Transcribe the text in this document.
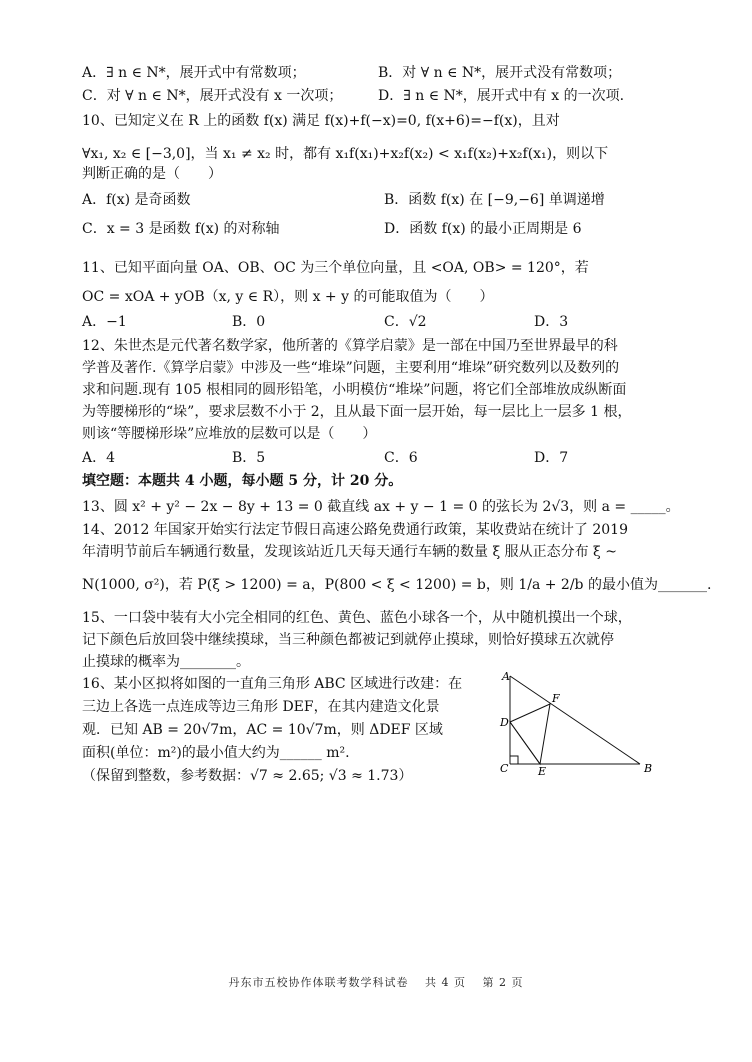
A．∃ n ∈ N*，展开式中有常数项；	B．对 ∀ n ∈ N*，展开式没有常数项；
C．对 ∀ n ∈ N*，展开式没有 x 一次项；	D．∃ n ∈ N*，展开式中有 x 的一次项.
10、已知定义在 R 上的函数 f(x) 满足 f(x)+f(−x)=0, f(x+6)=−f(x)，且对
∀x₁, x₂ ∈ [−3,0]，当 x₁ ≠ x₂ 时，都有 x₁f(x₁)+x₂f(x₂) < x₁f(x₂)+x₂f(x₁)，则以下
判断正确的是（　　）
A．f(x) 是奇函数	B．函数 f(x) 在 [−9,−6] 单调递增
C．x = 3 是函数 f(x) 的对称轴	D．函数 f(x) 的最小正周期是 6
11、已知平面向量 OA、OB、OC 为三个单位向量，且 <OA, OB> = 120°，若
OC = xOA + yOB（x, y ∈ R），则 x + y 的可能取值为（　　）
A．−1	B．0	C．√2	D．3
12、朱世杰是元代著名数学家，他所著的《算学启蒙》是一部在中国乃至世界最早的科
学普及著作.《算学启蒙》中涉及一些“堆垛”问题，主要利用“堆垛”研究数列以及数列的
求和问题.现有 105 根相同的圆形铅笔，小明模仿“堆垛”问题，将它们全部堆放成纵断面
为等腰梯形的“垛”，要求层数不小于 2，且从最下面一层开始，每一层比上一层多 1 根，
则该“等腰梯形垛”应堆放的层数可以是（　　）
A．4	B．5	C．6	D．7
填空题：本题共 4 小题，每小题 5 分，计 20 分。
13、圆 x² + y² − 2x − 8y + 13 = 0 截直线 ax + y − 1 = 0 的弦长为 2√3，则 a = _____。
14、2012 年国家开始实行法定节假日高速公路免费通行政策，某收费站在统计了 2019
年清明节前后车辆通行数量，发现该站近几天每天通行车辆的数量 ξ 服从正态分布 ξ ~
N(1000, σ²)，若 P(ξ > 1200) = a，P(800 < ξ < 1200) = b，则 1/a + 2/b 的最小值为_______.
15、一口袋中装有大小完全相同的红色、黄色、蓝色小球各一个，从中随机摸出一个球，
记下颜色后放回袋中继续摸球，当三种颜色都被记到就停止摸球，则恰好摸球五次就停
止摸球的概率为________。
16、某小区拟将如图的一直角三角形 ABC 区域进行改建：在
三边上各选一点连成等边三角形 DEF，在其内建造文化景
观．已知 AB = 20√7m，AC = 10√7m，则 ΔDEF 区域
面积(单位：m²)的最小值大约为______ m².
（保留到整数，参考数据：√7 ≈ 2.65; √3 ≈ 1.73）
A
B
C
D
E
F
丹东市五校协作体联考数学科试卷 共 4 页 第 2 页
